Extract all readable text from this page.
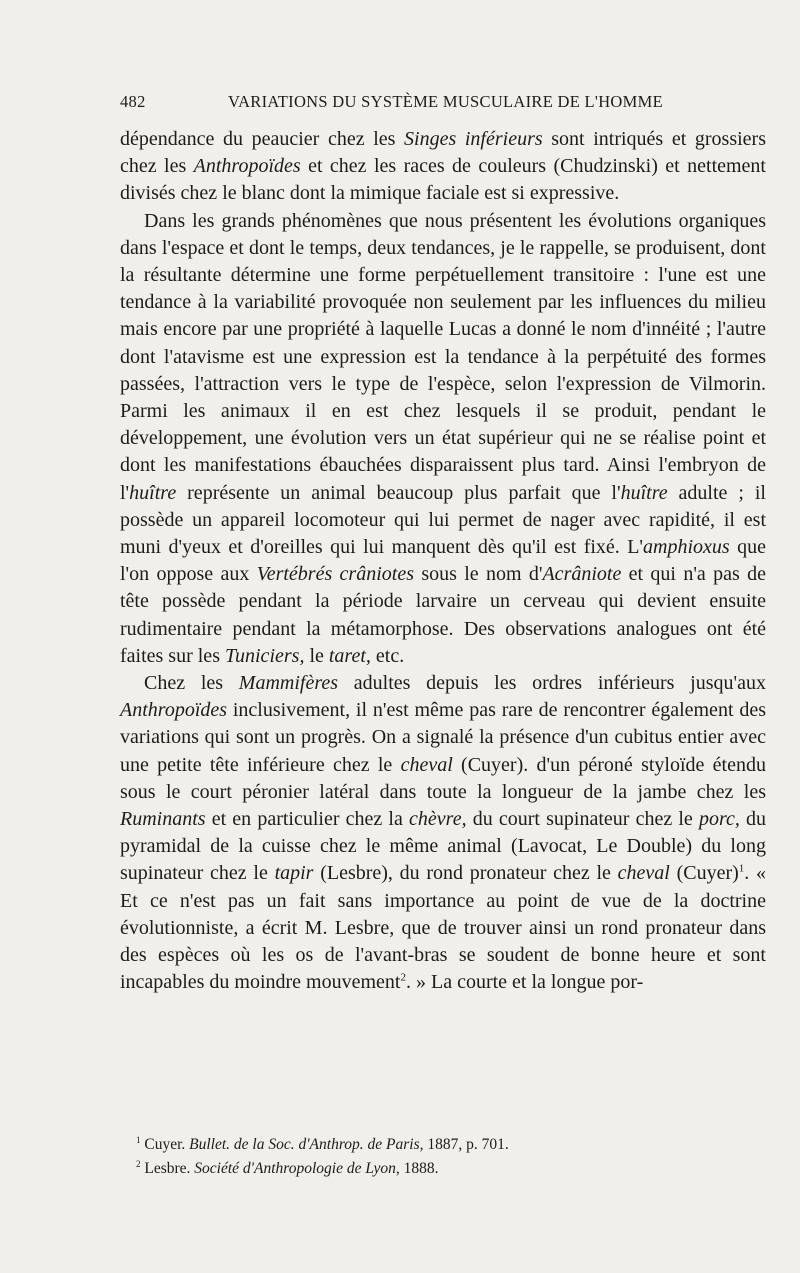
482	VARIATIONS DU SYSTÈME MUSCULAIRE DE L'HOMME

dépendance du peaucier chez les Singes inférieurs sont intriqués et grossiers chez les Anthropoïdes et chez les races de couleurs (Chudzinski) et nettement divisés chez le blanc dont la mimique faciale est si expressive.

Dans les grands phénomènes que nous présentent les évolutions organiques dans l'espace et dont le temps, deux tendances, je le rappelle, se produisent, dont la résultante détermine une forme perpétuellement transitoire : l'une est une tendance à la variabilité provoquée non seulement par les influences du milieu mais encore par une propriété à laquelle Lucas a donné le nom d'innéité ; l'autre dont l'atavisme est une expression est la tendance à la perpétuité des formes passées, l'attraction vers le type de l'espèce, selon l'expression de Vilmorin. Parmi les animaux il en est chez lesquels il se produit, pendant le développement, une évolution vers un état supérieur qui ne se réalise point et dont les manifestations ébauchées disparaissent plus tard. Ainsi l'embryon de l'huître représente un animal beaucoup plus parfait que l'huître adulte ; il possède un appareil locomoteur qui lui permet de nager avec rapidité, il est muni d'yeux et d'oreilles qui lui manquent dès qu'il est fixé. L'amphioxus que l'on oppose aux Vertébrés crâniotes sous le nom d'Acrâniote et qui n'a pas de tête possède pendant la période larvaire un cerveau qui devient ensuite rudimentaire pendant la métamorphose. Des observations analogues ont été faites sur les Tuniciers, le taret, etc.

Chez les Mammifères adultes depuis les ordres inférieurs jusqu'aux Anthropoïdes inclusivement, il n'est même pas rare de rencontrer également des variations qui sont un progrès. On a signalé la présence d'un cubitus entier avec une petite tête inférieure chez le cheval (Cuyer). d'un péroné styloïde étendu sous le court péronier latéral dans toute la longueur de la jambe chez les Ruminants et en particulier chez la chèvre, du court supinateur chez le porc, du pyramidal de la cuisse chez le même animal (Lavocat, Le Double) du long supinateur chez le tapir (Lesbre), du rond pronateur chez le cheval (Cuyer)$^1$. « Et ce n'est pas un fait sans importance au point de vue de la doctrine évolutionniste, a écrit M. Lesbre, que de trouver ainsi un rond pronateur dans des espèces où les os de l'avant-bras se soudent de bonne heure et sont incapables du moindre mouvement$^2$. » La courte et la longue por-

$^1$ Cuyer. Bullet. de la Soc. d'Anthrop. de Paris, 1887, p. 701.
$^2$ Lesbre. Société d'Anthropologie de Lyon, 1888.
